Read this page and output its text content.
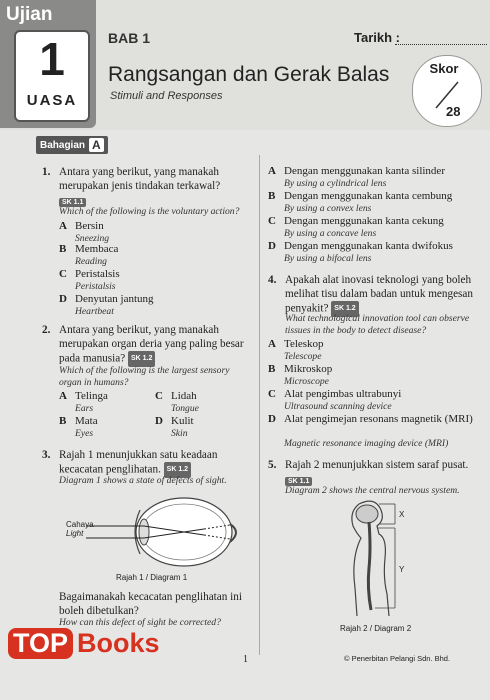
Ujian
1
UASA
BAB 1	Tarikh :
Rangsangan dan Gerak Balas
Stimuli and Responses
Skor
28
Bahagian A
1. Antara yang berikut, yang manakah merupakan jenis tindakan terkawal?
SK 1.1
Which of the following is the voluntary action?
A Bersin
Sneezing
B Membaca
Reading
C Peristalsis
Peristalsis
D Denyutan jantung
Heartbeat
2. Antara yang berikut, yang manakah merupakan organ deria yang paling besar pada manusia? SK 1.2
Which of the following is the largest sensory organ in humans?
A Telinga
Ears
C Lidah
Tongue
B Mata
Eyes
D Kulit
Skin
3. Rajah 1 menunjukkan satu keadaan kecacatan penglihatan. SK 1.2
Diagram 1 shows a state of defects of sight.
Cahaya
Light
Rajah 1 / Diagram 1
Bagaimanakah kecacatan penglihatan ini boleh dibetulkan?
How can this defect of sight be corrected?
A Dengan menggunakan kanta silinder
By using a cylindrical lens
B Dengan menggunakan kanta cembung
By using a convex lens
C Dengan menggunakan kanta cekung
By using a concave lens
D Dengan menggunakan kanta dwifokus
By using a bifocal lens
4. Apakah alat inovasi teknologi yang boleh melihat tisu dalam badan untuk mengesan penyakit? SK 1.2
What technological innovation tool can observe tissues in the body to detect disease?
A Teleskop
Telescope
B Mikroskop
Microscope
C Alat pengimbas ultrabunyi
Ultrasound scanning device
D Alat pengimejan resonans magnetik (MRI)
Magnetic resonance imaging device (MRI)
5. Rajah 2 menunjukkan sistem saraf pusat.
SK 1.1
Diagram 2 shows the central nervous system.
X
Y
Rajah 2 / Diagram 2
1	© Penerbitan Pelangi Sdn. Bhd.
TOP Books
